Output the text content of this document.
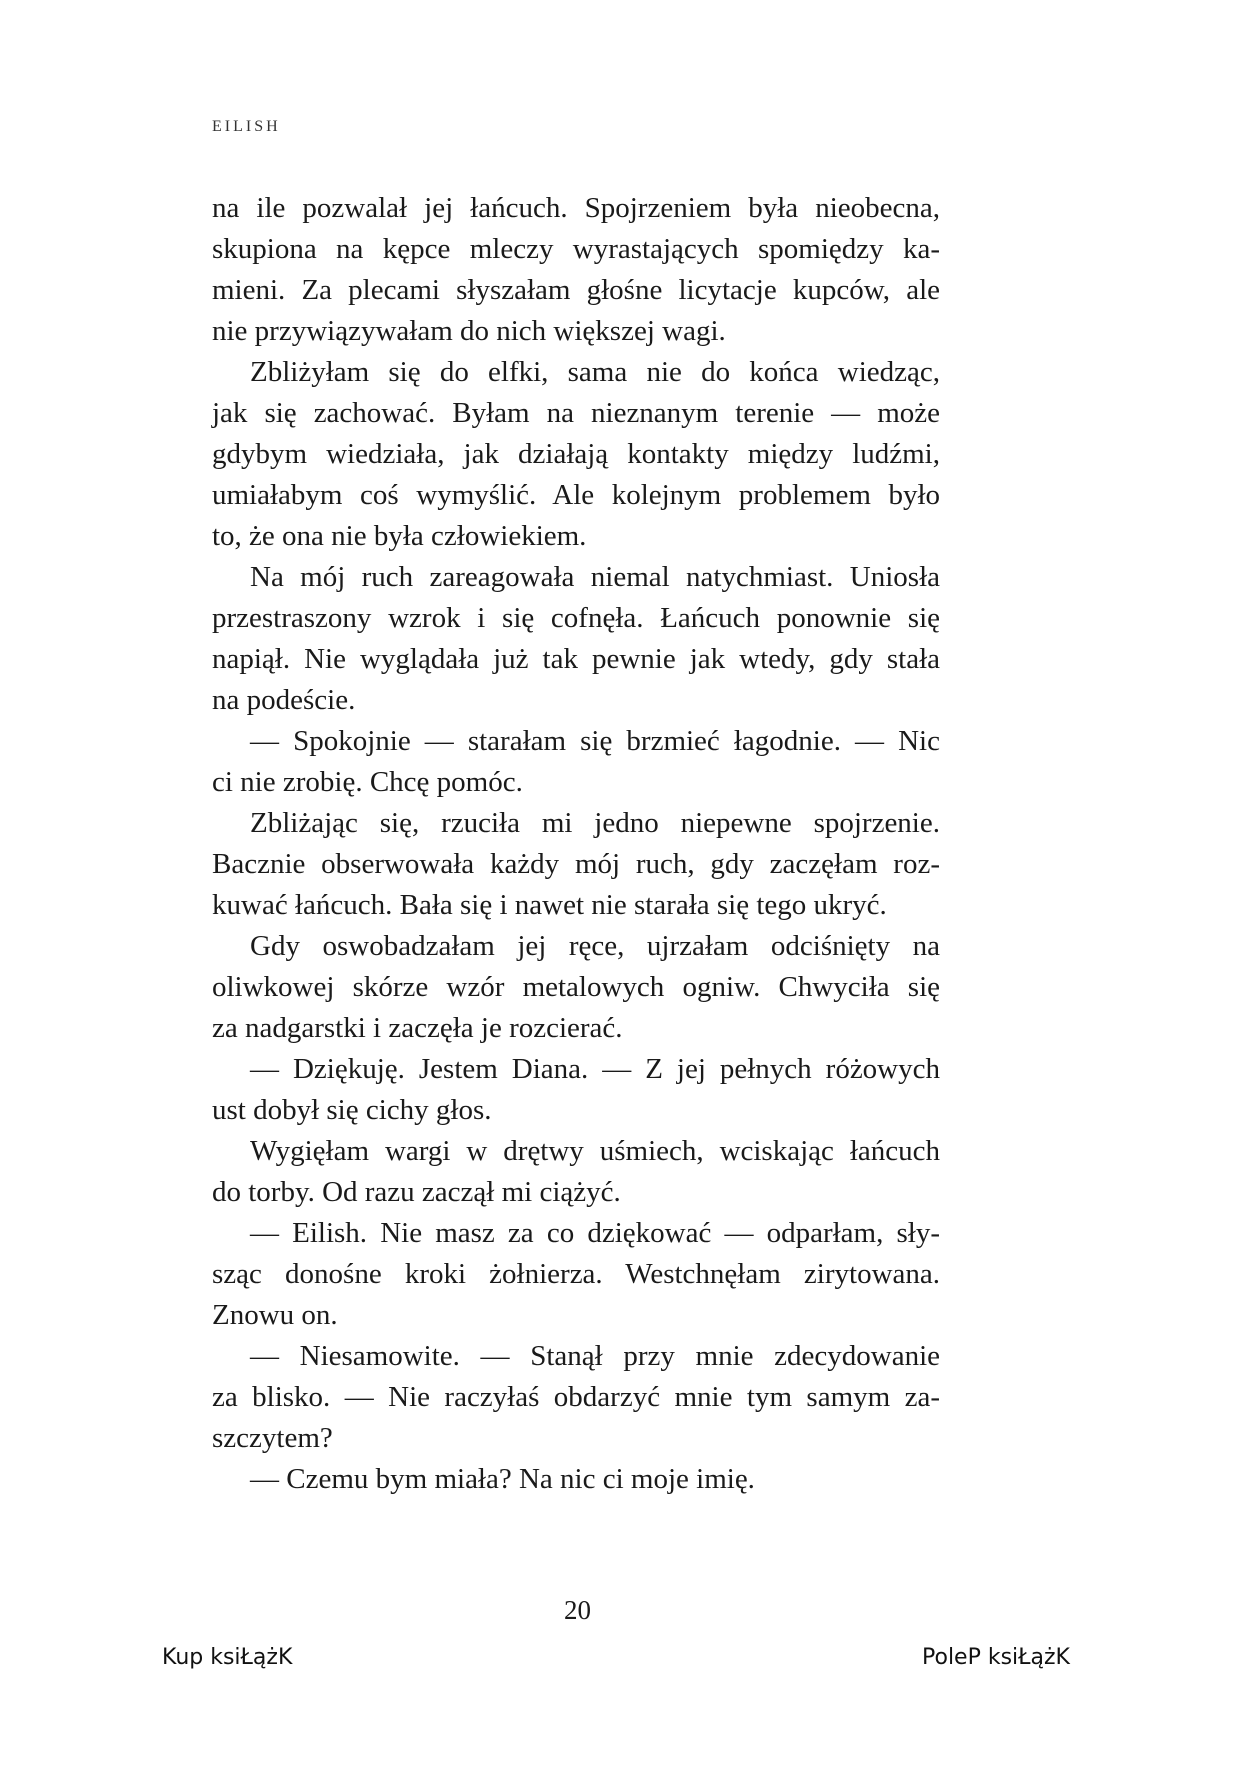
EILISH
na ile pozwalał jej łańcuch. Spojrzeniem była nieobecna,
skupiona na kępce mleczy wyrastających spomiędzy ka-
mieni. Za plecami słyszałam głośne licytacje kupców, ale
nie przywiązywałam do nich większej wagi.
Zbliżyłam się do elfki, sama nie do końca wiedząc,
jak się zachować. Byłam na nieznanym terenie — może
gdybym wiedziała, jak działają kontakty między ludźmi,
umiałabym coś wymyślić. Ale kolejnym problemem było
to, że ona nie była człowiekiem.
Na mój ruch zareagowała niemal natychmiast. Uniosła
przestraszony wzrok i się cofnęła. Łańcuch ponownie się
napiął. Nie wyglądała już tak pewnie jak wtedy, gdy stała
na podeście.
— Spokojnie — starałam się brzmieć łagodnie. — Nic
ci nie zrobię. Chcę pomóc.
Zbliżając się, rzuciła mi jedno niepewne spojrzenie.
Bacznie obserwowała każdy mój ruch, gdy zaczęłam roz-
kuwać łańcuch. Bała się i nawet nie starała się tego ukryć.
Gdy oswobadzałam jej ręce, ujrzałam odciśnięty na
oliwkowej skórze wzór metalowych ogniw. Chwyciła się
za nadgarstki i zaczęła je rozcierać.
— Dziękuję. Jestem Diana. — Z jej pełnych różowych
ust dobył się cichy głos.
Wygięłam wargi w drętwy uśmiech, wciskając łańcuch
do torby. Od razu zaczął mi ciążyć.
— Eilish. Nie masz za co dziękować — odparłam, sły-
sząc donośne kroki żołnierza. Westchnęłam zirytowana.
Znowu on.
— Niesamowite. — Stanął przy mnie zdecydowanie
za blisko. — Nie raczyłaś obdarzyć mnie tym samym za-
szczytem?
— Czemu bym miała? Na nic ci moje imię.
20
Kup ksiŁążK	PoleP ksiŁążK
